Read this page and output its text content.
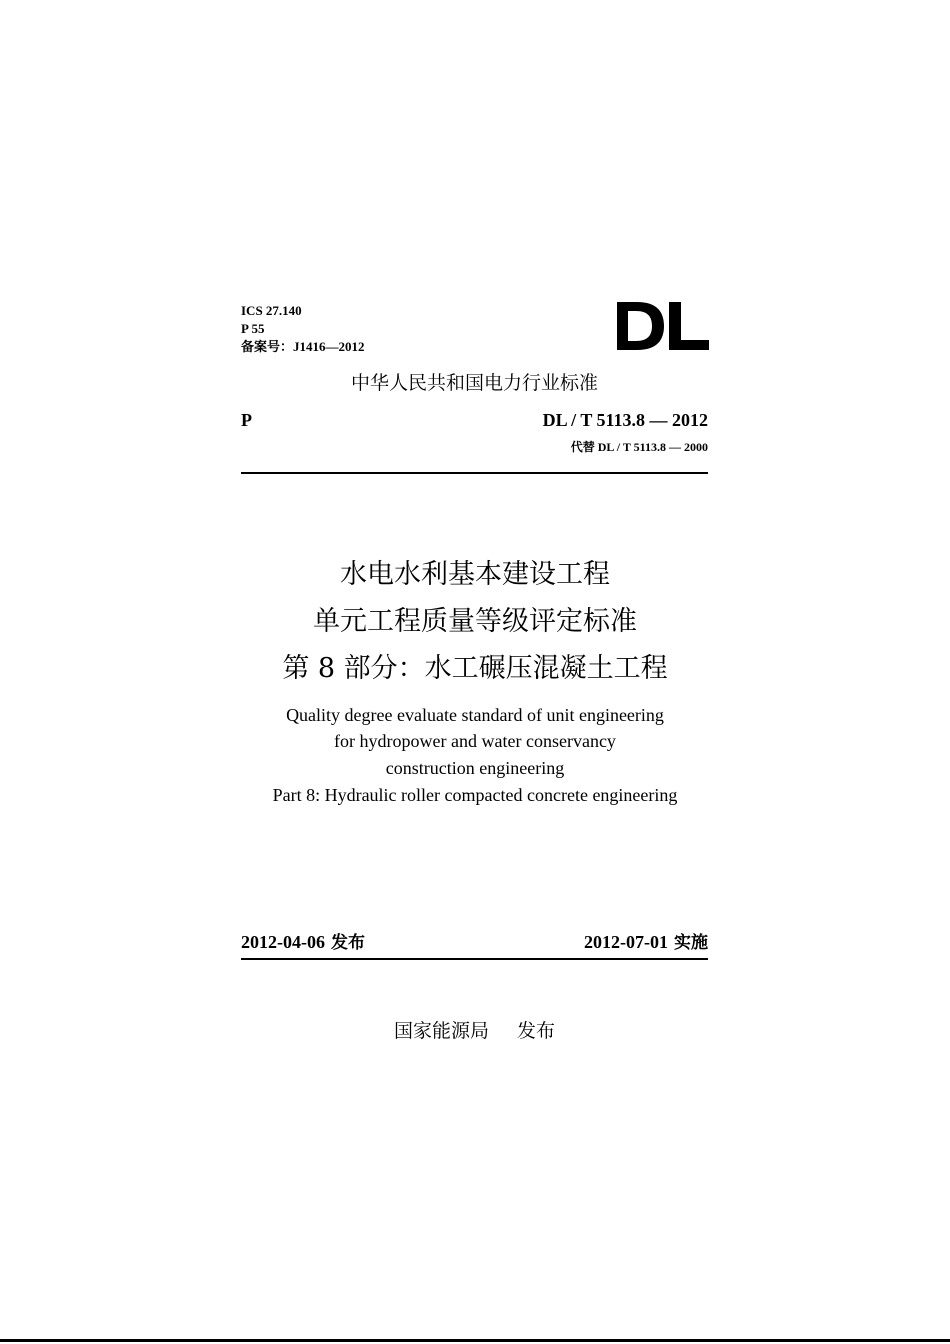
ICS 27.140
P 55
备案号：J1416—2012
中华人民共和国电力行业标准
P	DL / T 5113.8 — 2012
代替 DL / T 5113.8 — 2000
水电水利基本建设工程
单元工程质量等级评定标准
第 8 部分：水工碾压混凝土工程
Quality degree evaluate standard of unit engineering
for hydropower and water conservancy
construction engineering
Part 8: Hydraulic roller compacted concrete engineering
2012-04-06 发布	2012-07-01 实施
国家能源局 发布
